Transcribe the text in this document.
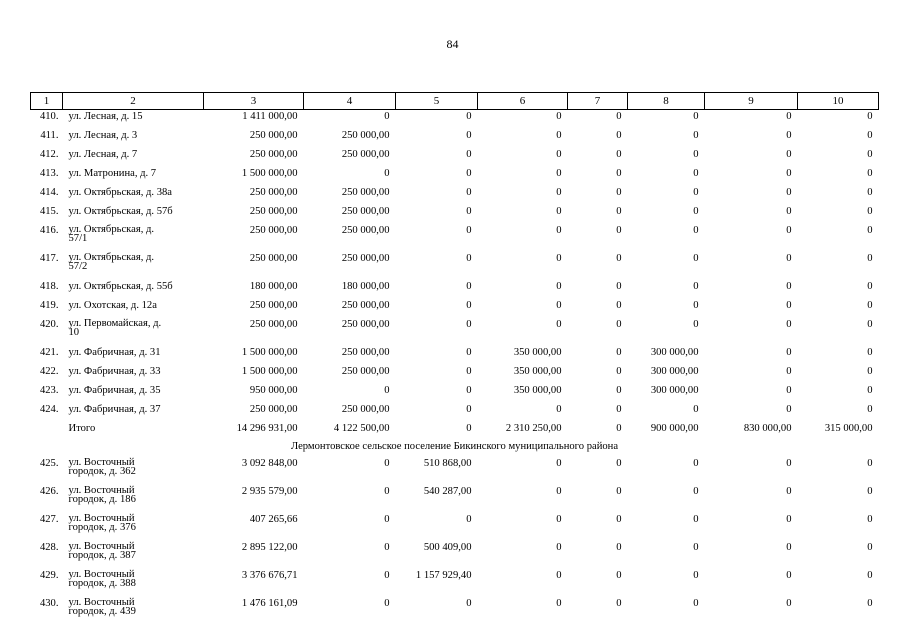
84
1	2	3	4	5	6	7	8	9	10
410.	ул. Лесная, д. 15	1 411 000,00	0	0	0	0	0	0	0
411.	ул. Лесная, д. 3	250 000,00	250 000,00	0	0	0	0	0	0
412.	ул. Лесная, д. 7	250 000,00	250 000,00	0	0	0	0	0	0
413.	ул. Матронина, д. 7	1 500 000,00	0	0	0	0	0	0	0
414.	ул. Октябрьская, д. 38а	250 000,00	250 000,00	0	0	0	0	0	0
415.	ул. Октябрьская, д. 57б	250 000,00	250 000,00	0	0	0	0	0	0
416.	ул. Октябрьская, д. 57/1	250 000,00	250 000,00	0	0	0	0	0	0
417.	ул. Октябрьская, д. 57/2	250 000,00	250 000,00	0	0	0	0	0	0
418.	ул. Октябрьская, д. 55б	180 000,00	180 000,00	0	0	0	0	0	0
419.	ул. Охотская, д. 12а	250 000,00	250 000,00	0	0	0	0	0	0
420.	ул. Первомайская, д. 10	250 000,00	250 000,00	0	0	0	0	0	0
421.	ул. Фабричная, д. 31	1 500 000,00	250 000,00	0	350 000,00	0	300 000,00	0	0
422.	ул. Фабричная, д. 33	1 500 000,00	250 000,00	0	350 000,00	0	300 000,00	0	0
423.	ул. Фабричная, д. 35	950 000,00	0	0	350 000,00	0	300 000,00	0	0
424.	ул. Фабричная, д. 37	250 000,00	250 000,00	0	0	0	0	0	0
	Итого	14 296 931,00	4 122 500,00	0	2 310 250,00	0	900 000,00	830 000,00	315 000,00
Лермонтовское сельское поселение Бикинского муниципального района									
425.	ул. Восточный городок, д. 362	3 092 848,00	0	510 868,00	0	0	0	0	0
426.	ул. Восточный городок, д. 186	2 935 579,00	0	540 287,00	0	0	0	0	0
427.	ул. Восточный городок, д. 376	407 265,66	0	0	0	0	0	0	0
428.	ул. Восточный городок, д. 387	2 895 122,00	0	500 409,00	0	0	0	0	0
429.	ул. Восточный городок, д. 388	3 376 676,71	0	1 157 929,40	0	0	0	0	0
430.	ул. Восточный городок, д. 439	1 476 161,09	0	0	0	0	0	0	0
